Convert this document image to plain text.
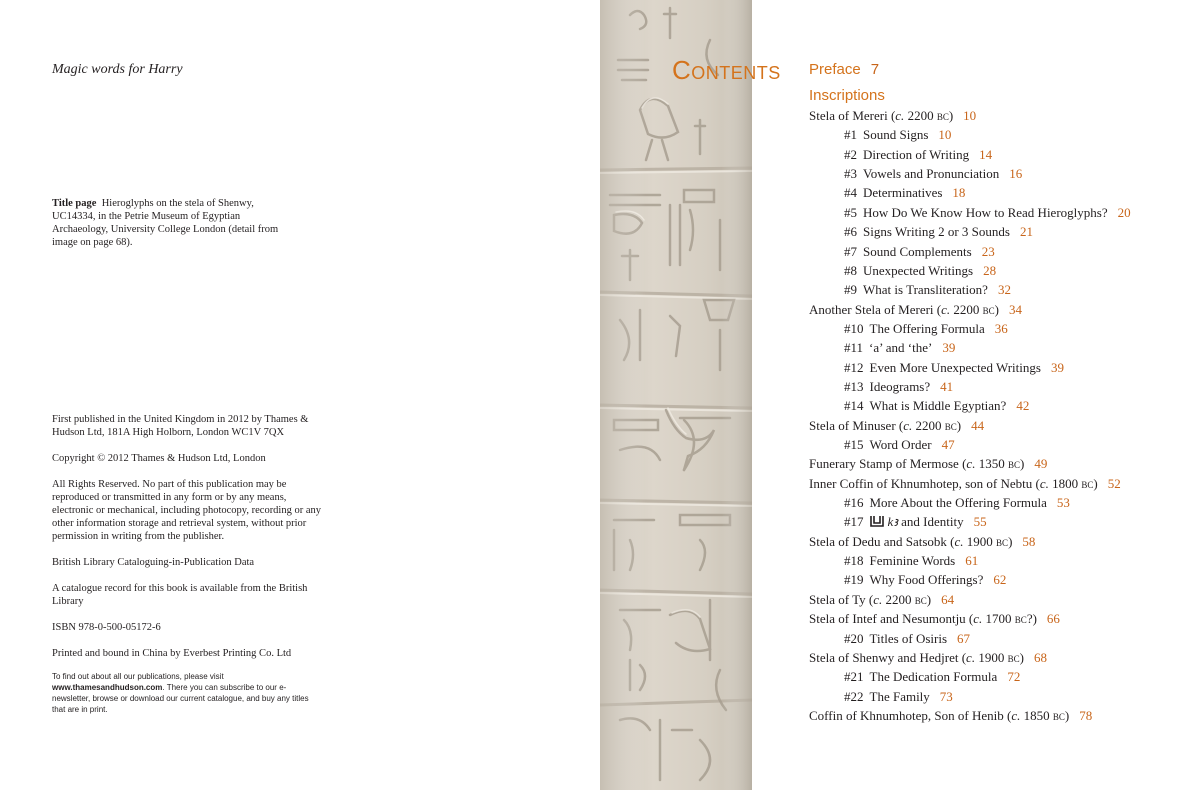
Magic words for Harry

Title page Hieroglyphs on the stela of Shenwy, UC14334, in the Petrie Museum of Egyptian Archaeology, University College London (detail from image on page 68).

First published in the United Kingdom in 2012 by Thames & Hudson Ltd, 181A High Holborn, London WC1V 7QX

Copyright © 2012 Thames & Hudson Ltd, London

All Rights Reserved. No part of this publication may be reproduced or transmitted in any form or by any means, electronic or mechanical, including photocopy, recording or any other information storage and retrieval system, without prior permission in writing from the publisher.

British Library Cataloguing-in-Publication Data

A catalogue record for this book is available from the British Library

ISBN 978-0-500-05172-6

Printed and bound in China by Everbest Printing Co. Ltd

To find out about all our publications, please visit www.thamesandhudson.com. There you can subscribe to our e-newsletter, browse or download our current catalogue, and buy any titles that are in print.

Contents Preface 7
Inscriptions
Stela of Mereri (c. 2200 bc) 10
#1 Sound Signs 10
#2 Direction of Writing 14
#3 Vowels and Pronunciation 16
#4 Determinatives 18
#5 How Do We Know How to Read Hieroglyphs? 20
#6 Signs Writing 2 or 3 Sounds 21
#7 Sound Complements 23
#8 Unexpected Writings 28
#9 What is Transliteration? 32
Another Stela of Mereri (c. 2200 bc) 34
#10 The Offering Formula 36
#11 ‘a’ and ‘the’ 39
#12 Even More Unexpected Writings 39
#13 Ideograms? 41
#14 What is Middle Egyptian? 42
Stela of Minuser (c. 2200 bc) 44
#15 Word Order 47
Funerary Stamp of Mermose (c. 1350 bc) 49
Inner Coffin of Khnumhotep, son of Nebtu (c. 1800 bc) 52
#16 More About the Offering Formula 53
#17 kꜣ and Identity 55
Stela of Dedu and Satsobk (c. 1900 bc) 58
#18 Feminine Words 61
#19 Why Food Offerings? 62
Stela of Ty (c. 2200 bc) 64
Stela of Intef and Nesumontju (c. 1700 bc?) 66
#20 Titles of Osiris 67
Stela of Shenwy and Hedjret (c. 1900 bc) 68
#21 The Dedication Formula 72
#22 The Family 73
Coffin of Khnumhotep, Son of Henib (c. 1850 bc) 78
